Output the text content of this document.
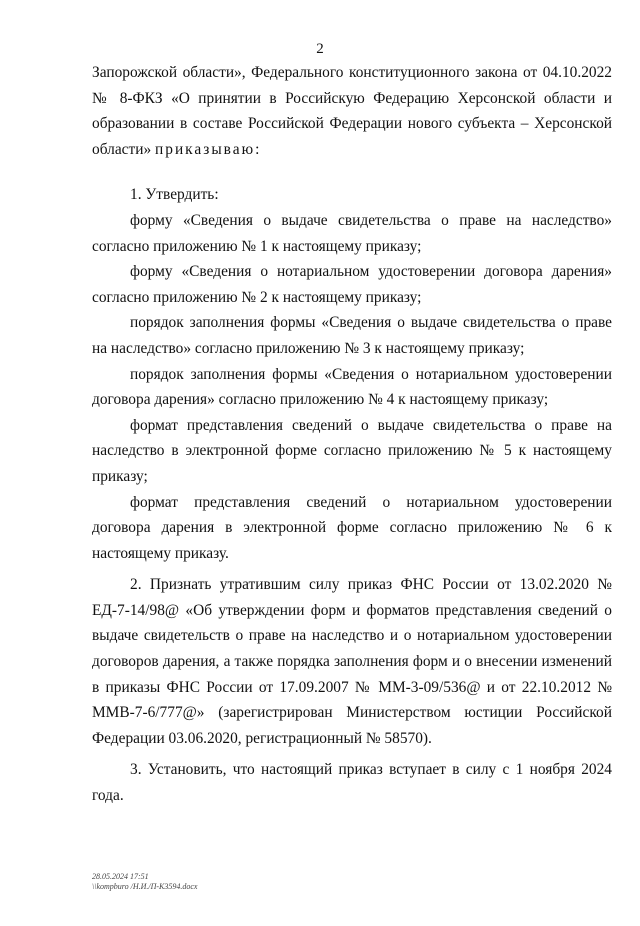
2

Запорожской области», Федерального конституционного закона от 04.10.2022 № 8-ФКЗ «О принятии в Российскую Федерацию Херсонской области и образовании в составе Российской Федерации нового субъекта – Херсонской области» приказываю:

1. Утвердить:

форму «Сведения о выдаче свидетельства о праве на наследство» согласно приложению № 1 к настоящему приказу;

форму «Сведения о нотариальном удостоверении договора дарения» согласно приложению № 2 к настоящему приказу;

порядок заполнения формы «Сведения о выдаче свидетельства о праве на наследство» согласно приложению № 3 к настоящему приказу;

порядок заполнения формы «Сведения о нотариальном удостоверении договора дарения» согласно приложению № 4 к настоящему приказу;

формат представления сведений о выдаче свидетельства о праве на наследство в электронной форме согласно приложению № 5 к настоящему приказу;

формат представления сведений о нотариальном удостоверении договора дарения в электронной форме согласно приложению № 6 к настоящему приказу.

2. Признать утратившим силу приказ ФНС России от 13.02.2020 № ЕД-7-14/98@ «Об утверждении форм и форматов представления сведений о выдаче свидетельств о праве на наследство и о нотариальном удостоверении договоров дарения, а также порядка заполнения форм и о внесении изменений в приказы ФНС России от 17.09.2007 № ММ-3-09/536@ и от 22.10.2012 № ММВ-7-6/777@» (зарегистрирован Министерством юстиции Российской Федерации 03.06.2020, регистрационный № 58570).

3. Установить, что настоящий приказ вступает в силу с 1 ноября 2024 года.

28.05.2024 17:51
\\kompburo /Н.И./П-К3594.docx
